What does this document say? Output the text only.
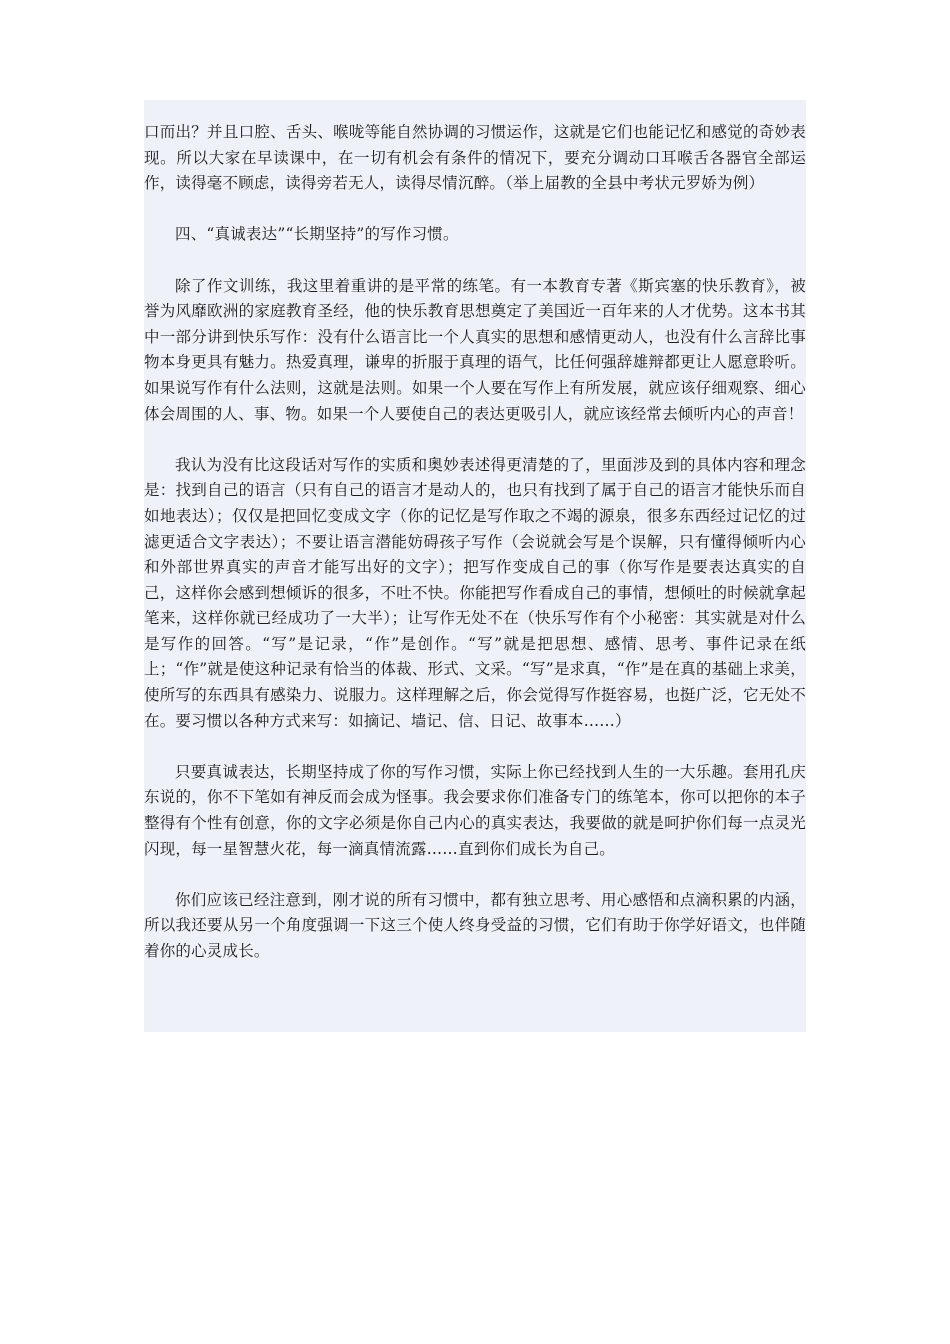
口而出？并且口腔、舌头、喉咙等能自然协调的习惯运作，这就是它们也能记忆和感觉的奇妙表现。所以大家在早读课中，在一切有机会有条件的情况下，要充分调动口耳喉舌各器官全部运作，读得毫不顾虑，读得旁若无人，读得尽情沉醉。（举上届教的全县中考状元罗娇为例）

四、“真诚表达”“长期坚持”的写作习惯。

除了作文训练，我这里着重讲的是平常的练笔。有一本教育专著《斯宾塞的快乐教育》，被誉为风靡欧洲的家庭教育圣经，他的快乐教育思想奠定了美国近一百年来的人才优势。这本书其中一部分讲到快乐写作：没有什么语言比一个人真实的思想和感情更动人，也没有什么言辞比事物本身更具有魅力。热爱真理，谦卑的折服于真理的语气，比任何强辞雄辩都更让人愿意聆听。如果说写作有什么法则，这就是法则。如果一个人要在写作上有所发展，就应该仔细观察、细心体会周围的人、事、物。如果一个人要使自己的表达更吸引人，就应该经常去倾听内心的声音！

我认为没有比这段话对写作的实质和奥妙表述得更清楚的了，里面涉及到的具体内容和理念是：找到自己的语言（只有自己的语言才是动人的，也只有找到了属于自己的语言才能快乐而自如地表达）；仅仅是把回忆变成文字（你的记忆是写作取之不竭的源泉，很多东西经过记忆的过滤更适合文字表达）；不要让语言潜能妨碍孩子写作（会说就会写是个误解，只有懂得倾听内心和外部世界真实的声音才能写出好的文字）；把写作变成自己的事（你写作是要表达真实的自己，这样你会感到想倾诉的很多，不吐不快。你能把写作看成自己的事情，想倾吐的时候就拿起笔来，这样你就已经成功了一大半）；让写作无处不在（快乐写作有个小秘密：其实就是对什么是写作的回答。“写”是记录，“作”是创作。“写”就是把思想、感情、思考、事件记录在纸上；“作”就是使这种记录有恰当的体裁、形式、文采。“写”是求真，“作”是在真的基础上求美，使所写的东西具有感染力、说服力。这样理解之后，你会觉得写作挺容易，也挺广泛，它无处不在。要习惯以各种方式来写：如摘记、墙记、信、日记、故事本……）

只要真诚表达，长期坚持成了你的写作习惯，实际上你已经找到人生的一大乐趣。套用孔庆东说的，你不下笔如有神反而会成为怪事。我会要求你们准备专门的练笔本，你可以把你的本子整得有个性有创意，你的文字必须是你自己内心的真实表达，我要做的就是呵护你们每一点灵光闪现，每一星智慧火花，每一滴真情流露……直到你们成长为自己。

你们应该已经注意到，刚才说的所有习惯中，都有独立思考、用心感悟和点滴积累的内涵，所以我还要从另一个角度强调一下这三个使人终身受益的习惯，它们有助于你学好语文，也伴随着你的心灵成长。
